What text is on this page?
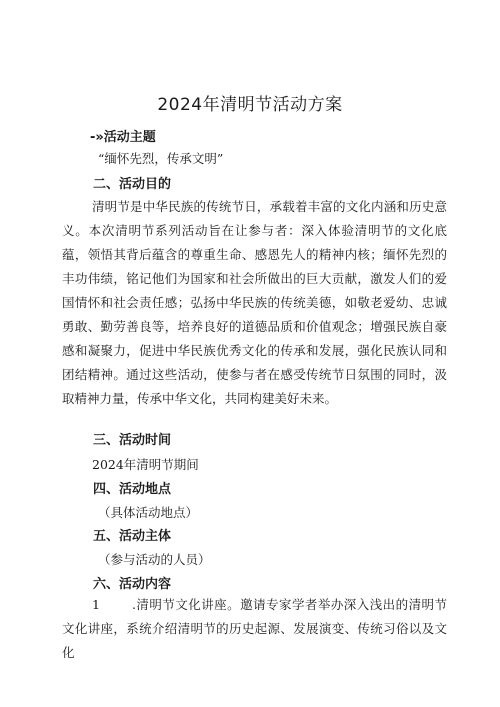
2024年清明节活动方案
-»活动主题
“缅怀先烈，传承文明”
二、活动目的
清明节是中华民族的传统节日，承载着丰富的文化内涵和历史意义。本次清明节系列活动旨在让参与者：深入体验清明节的文化底蕴，领悟其背后蕴含的尊重生命、感恩先人的精神内核；缅怀先烈的丰功伟绩，铭记他们为国家和社会所做出的巨大贡献，激发人们的爱国情怀和社会责任感；弘扬中华民族的传统美德，如敬老爱幼、忠诚勇敢、勤劳善良等，培养良好的道德品质和价值观念；增强民族自豪感和凝聚力，促进中华民族优秀文化的传承和发展，强化民族认同和团结精神。通过这些活动，使参与者在感受传统节日氛围的同时，汲取精神力量，传承中华文化，共同构建美好未来。
三、活动时间
2024年清明节期间
四、活动地点
（具体活动地点）
五、活动主体
（参与活动的人员）
六、活动内容
1	.清明节文化讲座。邀请专家学者举办深入浅出的清明节文化讲座，系统介绍清明节的历史起源、发展演变、传统习俗以及文化
